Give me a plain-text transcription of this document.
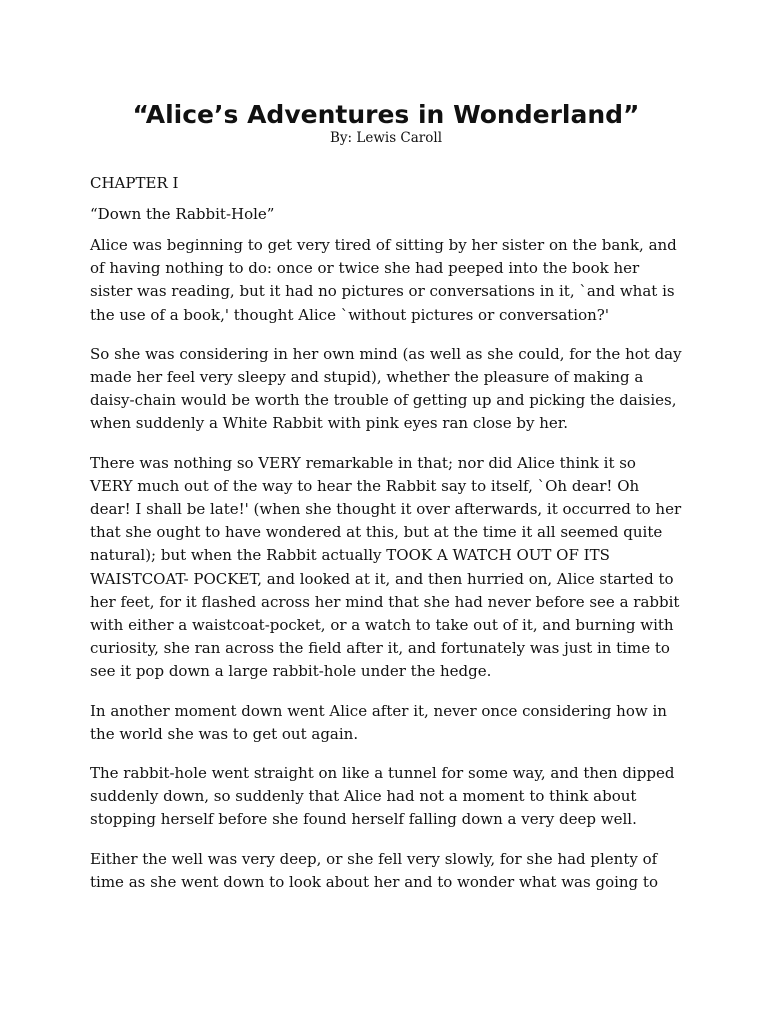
“Alice’s Adventures in Wonderland”
By: Lewis Caroll
CHAPTER I
“Down the Rabbit-Hole”

Alice was beginning to get very tired of sitting by her sister on the bank, and of having nothing to do: once or twice she had peeped into the book her sister was reading, but it had no pictures or conversations in it, `and what is the use of a book,' thought Alice `without pictures or conversation?'

So she was considering in her own mind (as well as she could, for the hot day made her feel very sleepy and stupid), whether the pleasure of making a daisy-chain would be worth the trouble of getting up and picking the daisies, when suddenly a White Rabbit with pink eyes ran close by her.

There was nothing so VERY remarkable in that; nor did Alice think it so VERY much out of the way to hear the Rabbit say to itself, `Oh dear! Oh dear! I shall be late!' (when she thought it over afterwards, it occurred to her that she ought to have wondered at this, but at the time it all seemed quite natural); but when the Rabbit actually TOOK A WATCH OUT OF ITS WAISTCOAT- POCKET, and looked at it, and then hurried on, Alice started to her feet, for it flashed across her mind that she had never before see a rabbit with either a waistcoat-pocket, or a watch to take out of it, and burning with curiosity, she ran across the field after it, and fortunately was just in time to see it pop down a large rabbit-hole under the hedge.

In another moment down went Alice after it, never once considering how in the world she was to get out again.

The rabbit-hole went straight on like a tunnel for some way, and then dipped suddenly down, so suddenly that Alice had not a moment to think about stopping herself before she found herself falling down a very deep well.

Either the well was very deep, or she fell very slowly, for she had plenty of time as she went down to look about her and to wonder what was going to
